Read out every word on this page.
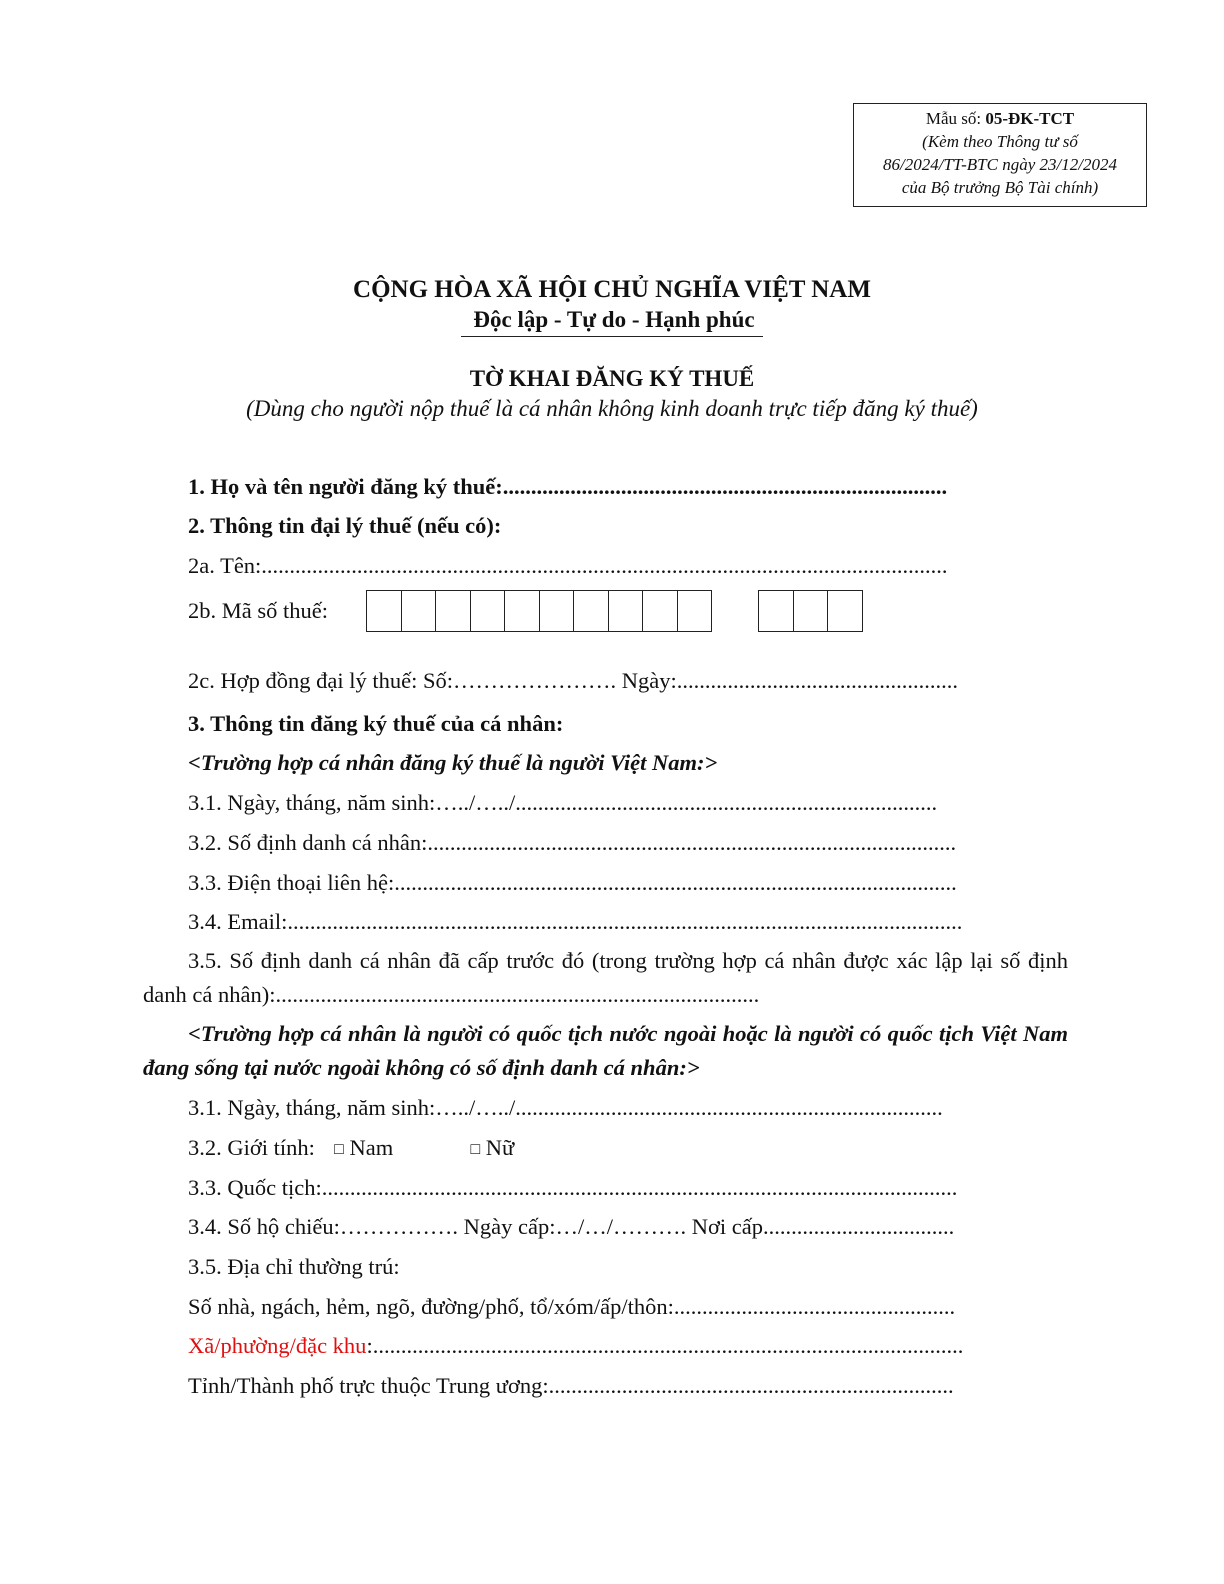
Mẫu số: 05-ĐK-TCT
(Kèm theo Thông tư số
86/2024/TT-BTC ngày 23/12/2024
của Bộ trưởng Bộ Tài chính)
CỘNG HÒA XÃ HỘI CHỦ NGHĨA VIỆT NAM
Độc lập - Tự do - Hạnh phúc
TỜ KHAI ĐĂNG KÝ THUẾ
(Dùng cho người nộp thuế là cá nhân không kinh doanh trực tiếp đăng ký thuế)
1. Họ và tên người đăng ký thuế:...............................................................................
2. Thông tin đại lý thuế (nếu có):
2a. Tên:..........................................................................................................................
2b. Mã số thuế:
2c. Hợp đồng đại lý thuế: Số:…………………. Ngày:..................................................
3. Thông tin đăng ký thuế của cá nhân:
<Trường hợp cá nhân đăng ký thuế là người Việt Nam:>
3.1. Ngày, tháng, năm sinh:…../…../...........................................................................
3.2. Số định danh cá nhân:..............................................................................................
3.3. Điện thoại liên hệ:....................................................................................................
3.4. Email:........................................................................................................................
3.5. Số định danh cá nhân đã cấp trước đó (trong trường hợp cá nhân được xác lập lại số định danh cá nhân):......................................................................................
<Trường hợp cá nhân là người có quốc tịch nước ngoài hoặc là người có quốc tịch Việt Nam đang sống tại nước ngoài không có số định danh cá nhân:>
3.1. Ngày, tháng, năm sinh:…../…../............................................................................
3.2. Giới tính: □ Nam	□ Nữ
3.3. Quốc tịch:.................................................................................................................
3.4. Số hộ chiếu:……………. Ngày cấp:…/…/………. Nơi cấp..................................
3.5. Địa chỉ thường trú:
Số nhà, ngách, hẻm, ngõ, đường/phố, tổ/xóm/ấp/thôn:..................................................
Xã/phường/đặc khu:.........................................................................................................
Tỉnh/Thành phố trực thuộc Trung ương:........................................................................
